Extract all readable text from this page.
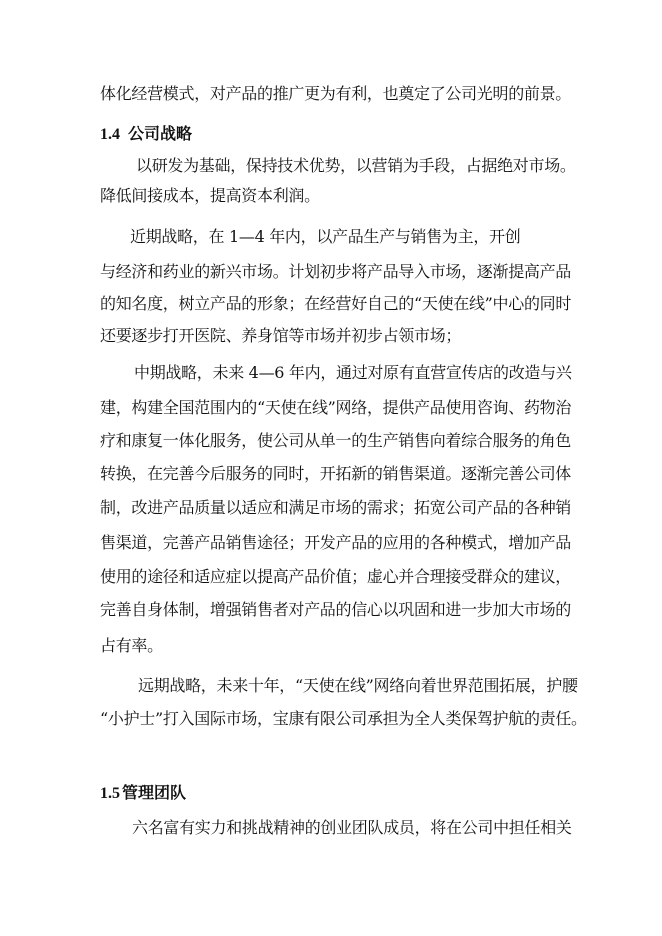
体化经营模式，对产品的推广更为有利，也奠定了公司光明的前景。
1.4 公司战略
以研发为基础，保持技术优势，以营销为手段，占据绝对市场。
降低间接成本，提高资本利润。
近期战略，在 1—4 年内，以产品生产与销售为主，开创
与经济和药业的新兴市场。计划初步将产品导入市场，逐渐提高产品
的知名度，树立产品的形象；在经营好自己的“天使在线”中心的同时
还要逐步打开医院、养身馆等市场并初步占领市场；
中期战略，未来 4—6 年内，通过对原有直营宣传店的改造与兴
建，构建全国范围内的“天使在线”网络，提供产品使用咨询、药物治
疗和康复一体化服务，使公司从单一的生产销售向着综合服务的角色
转换，在完善今后服务的同时，开拓新的销售渠道。逐渐完善公司体
制，改进产品质量以适应和满足市场的需求；拓宽公司产品的各种销
售渠道，完善产品销售途径；开发产品的应用的各种模式，增加产品
使用的途径和适应症以提高产品价值；虚心并合理接受群众的建议，
完善自身体制，增强销售者对产品的信心以巩固和进一步加大市场的
占有率。
远期战略，未来十年，“天使在线”网络向着世界范围拓展，护腰
“小护士”打入国际市场，宝康有限公司承担为全人类保驾护航的责任。
1.5 管理团队
六名富有实力和挑战精神的创业团队成员，将在公司中担任相关
